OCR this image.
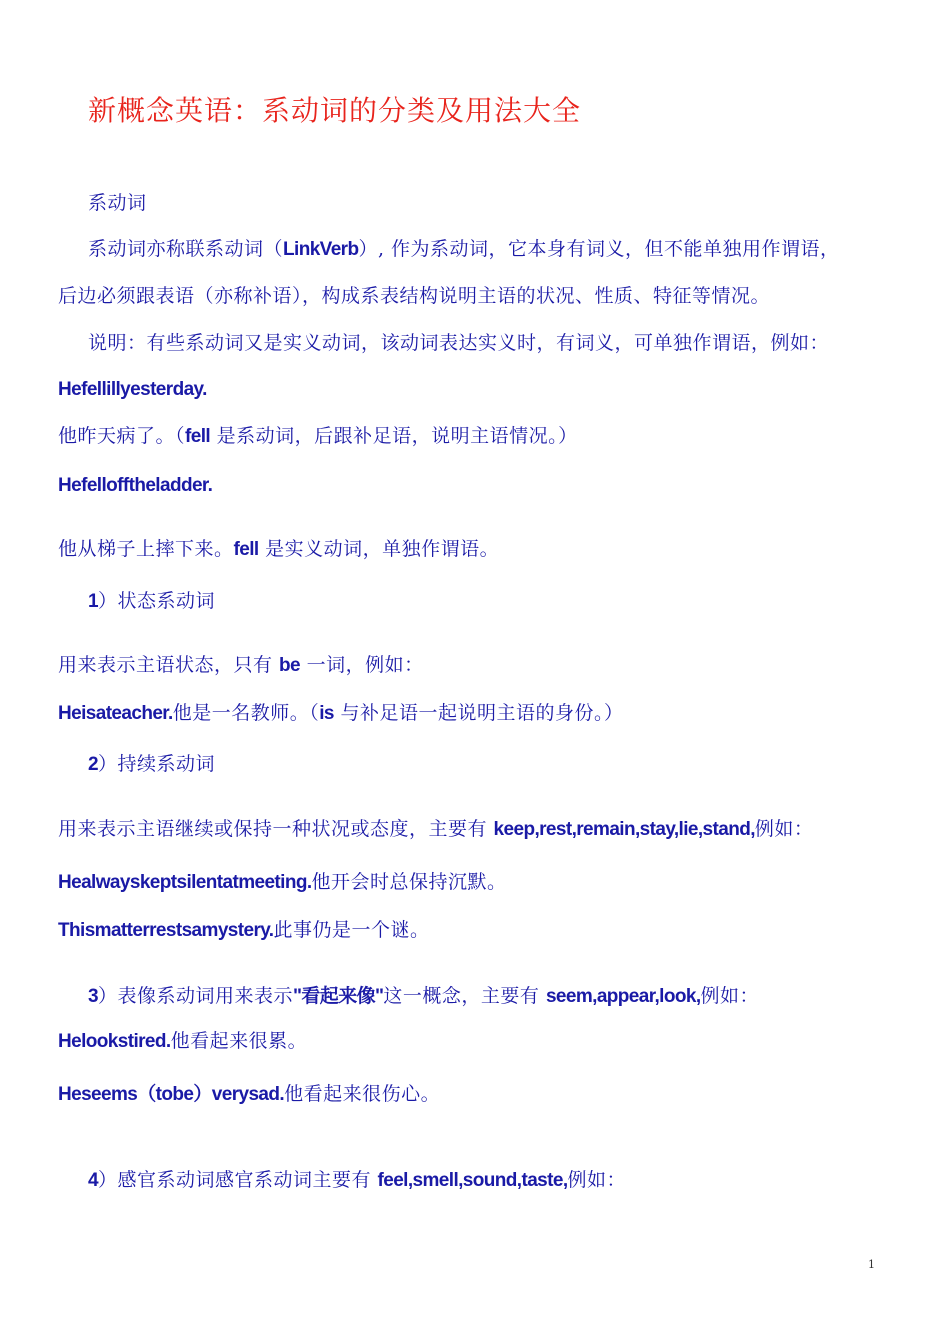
新概念英语：系动词的分类及用法大全
系动词
系动词亦称联系动词（LinkVerb）, 作为系动词，它本身有词义，但不能单独用作谓语，
后边必须跟表语（亦称补语），构成系表结构说明主语的状况、性质、特征等情况。
说明：有些系动词又是实义动词，该动词表达实义时，有词义，可单独作谓语，例如：
Hefellillyesterday.
他昨天病了。（fell 是系动词，后跟补足语，说明主语情况。）
Hefellofftheladder.
他从梯子上摔下来。fell 是实义动词，单独作谓语。
1）状态系动词
用来表示主语状态，只有 be 一词，例如：
Heisateacher.他是一名教师。（is 与补足语一起说明主语的身份。）
2）持续系动词
用来表示主语继续或保持一种状况或态度，主要有 keep,rest,remain,stay,lie,stand,例如：
Healwayskeptsilentatmeeting.他开会时总保持沉默。
Thismatterrestsamystery.此事仍是一个谜。
3）表像系动词用来表示"看起来像"这一概念，主要有 seem,appear,look,例如：
Helookstired.他看起来很累。
Heseems（tobe）verysad.他看起来很伤心。
4）感官系动词感官系动词主要有 feel,smell,sound,taste,例如：
1
